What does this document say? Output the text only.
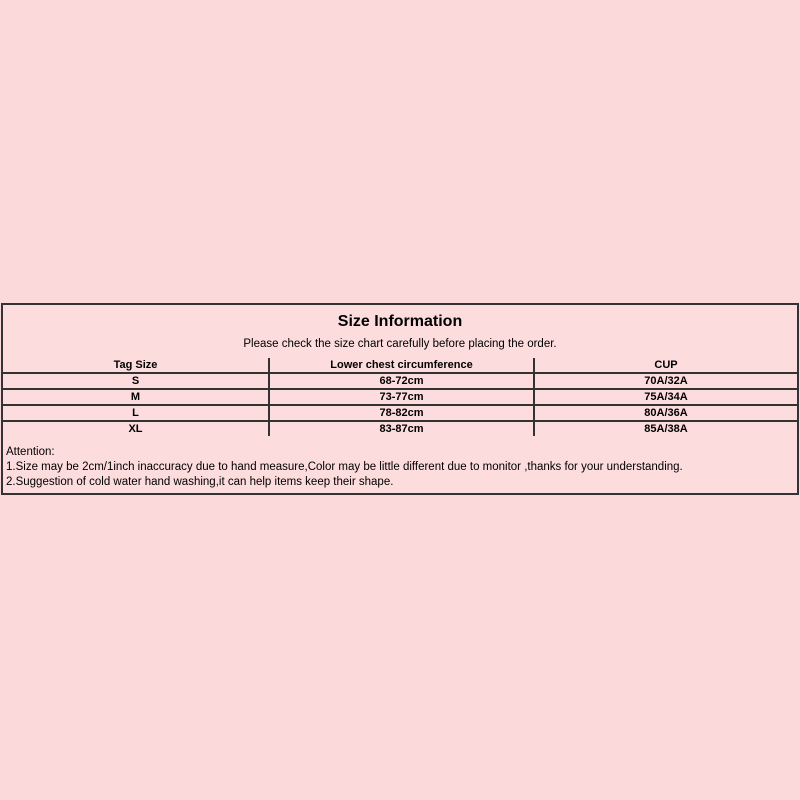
Size Information
Please check the size chart carefully before placing the order.
Tag Size	Lower chest circumference	CUP
S	68-72cm	70A/32A
M	73-77cm	75A/34A
L	78-82cm	80A/36A
XL	83-87cm	85A/38A
Attention:
1.Size may be 2cm/1inch inaccuracy due to hand measure,Color may be little different due to monitor ,thanks for your understanding.
2.Suggestion of cold water hand washing,it can help items keep their shape.
